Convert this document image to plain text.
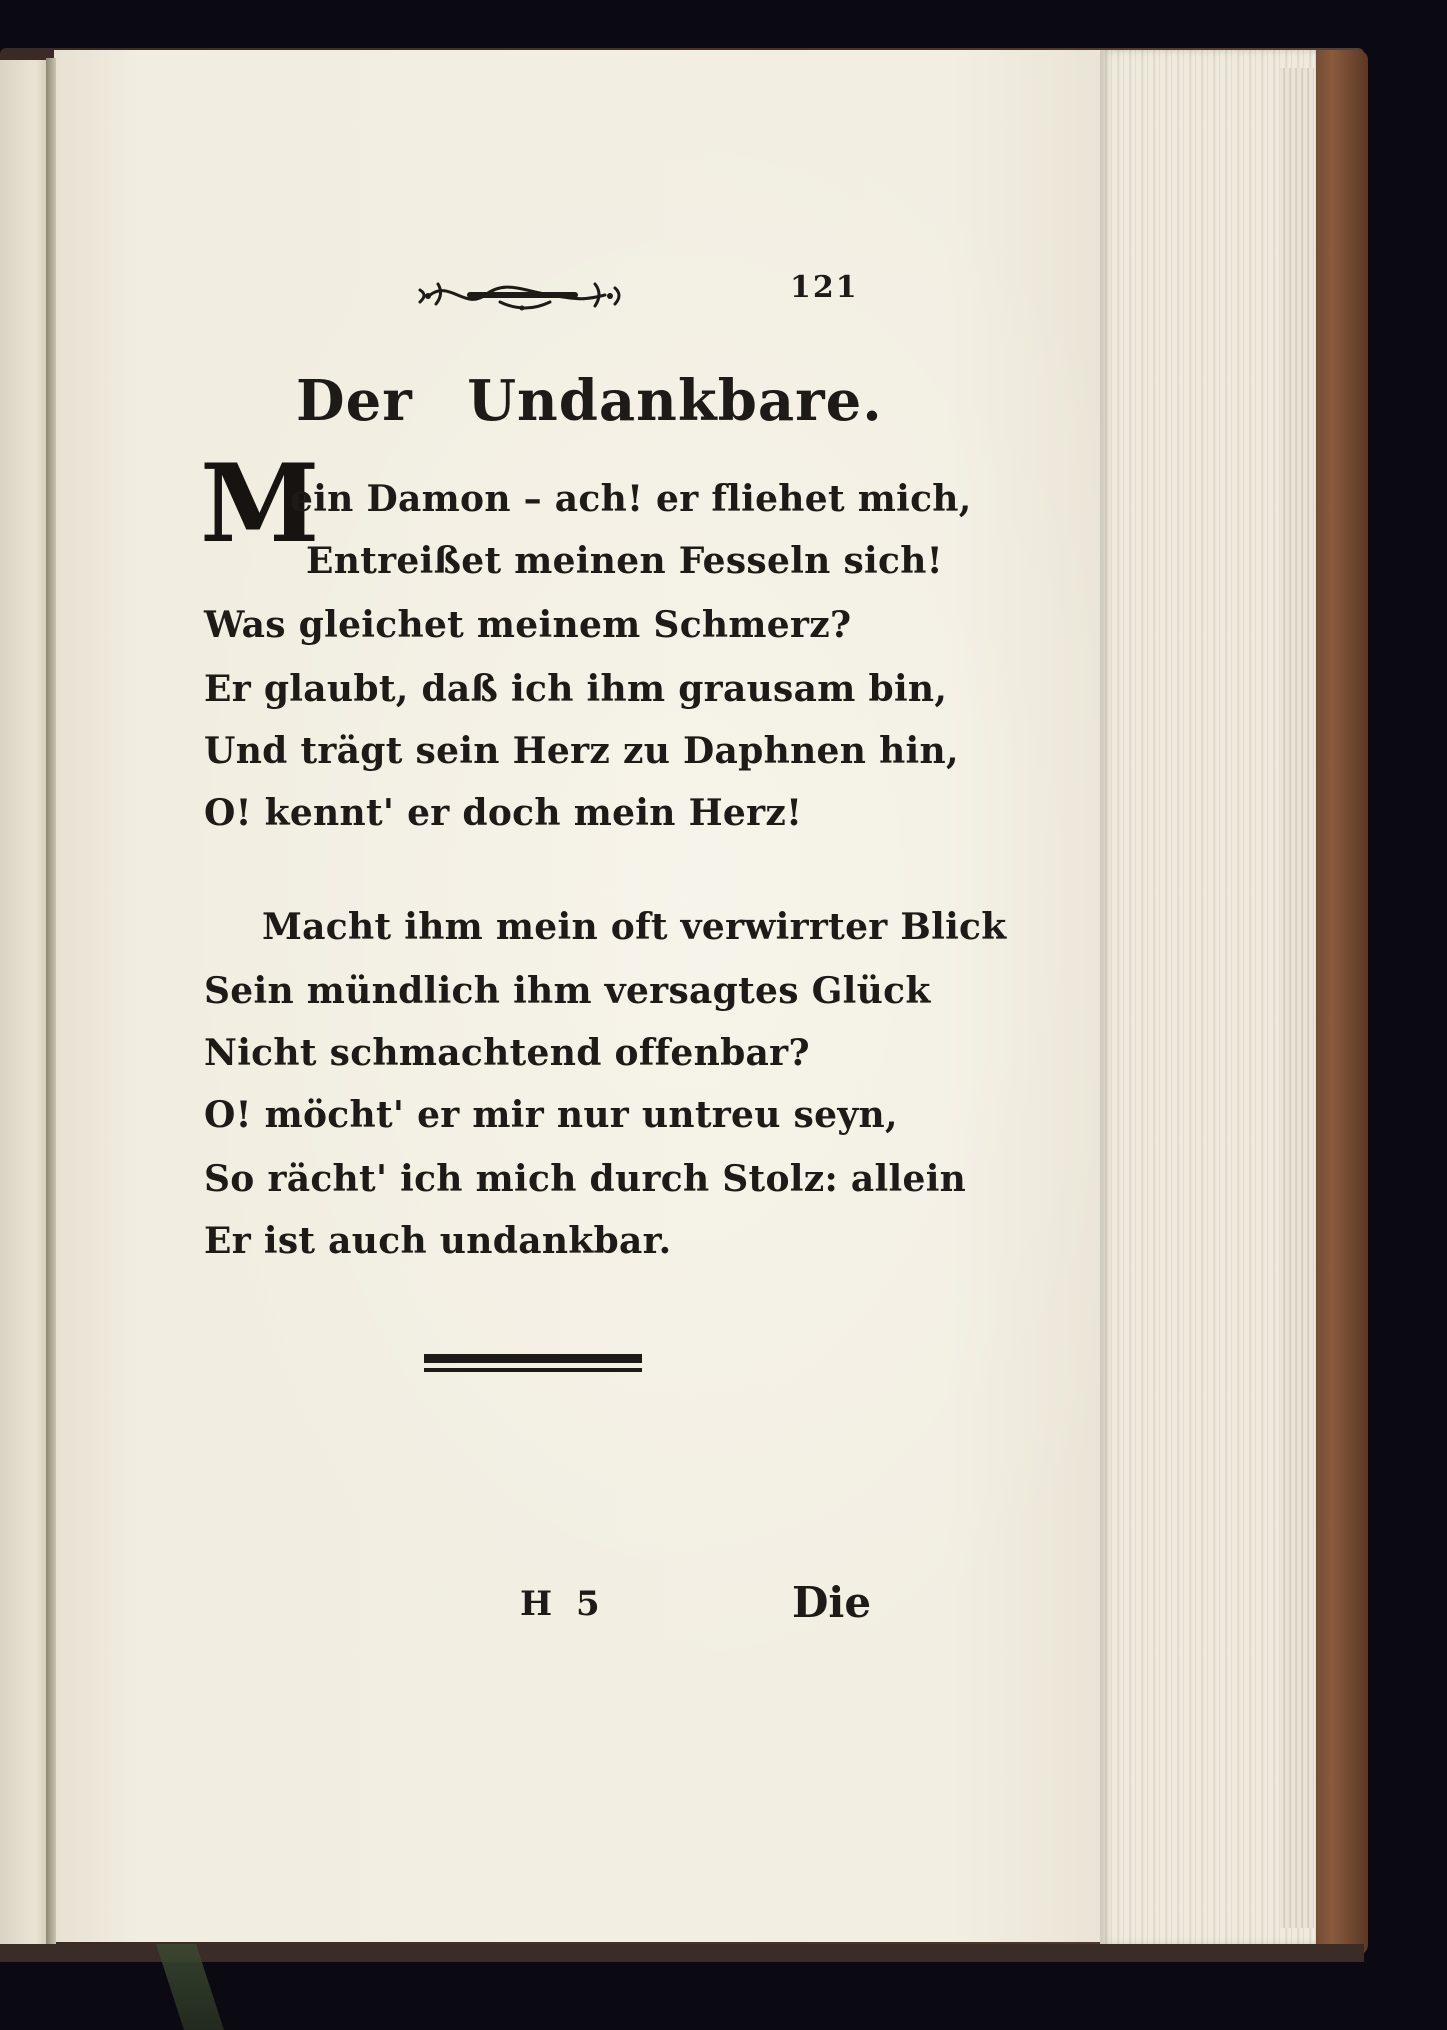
121
Der Undankbare.
M
ein Damon – ach! er fliehet mich,
Entreißet meinen Fesseln sich!
Was gleichet meinem Schmerz?
Er glaubt, daß ich ihm grausam bin,
Und trägt sein Herz zu Daphnen hin,
O! kennt' er doch mein Herz!
Macht ihm mein oft verwirrter Blick
Sein mündlich ihm versagtes Glück
Nicht schmachtend offenbar?
O! möcht' er mir nur untreu seyn,
So rächt' ich mich durch Stolz: allein
Er ist auch undankbar.
H 5	Die
